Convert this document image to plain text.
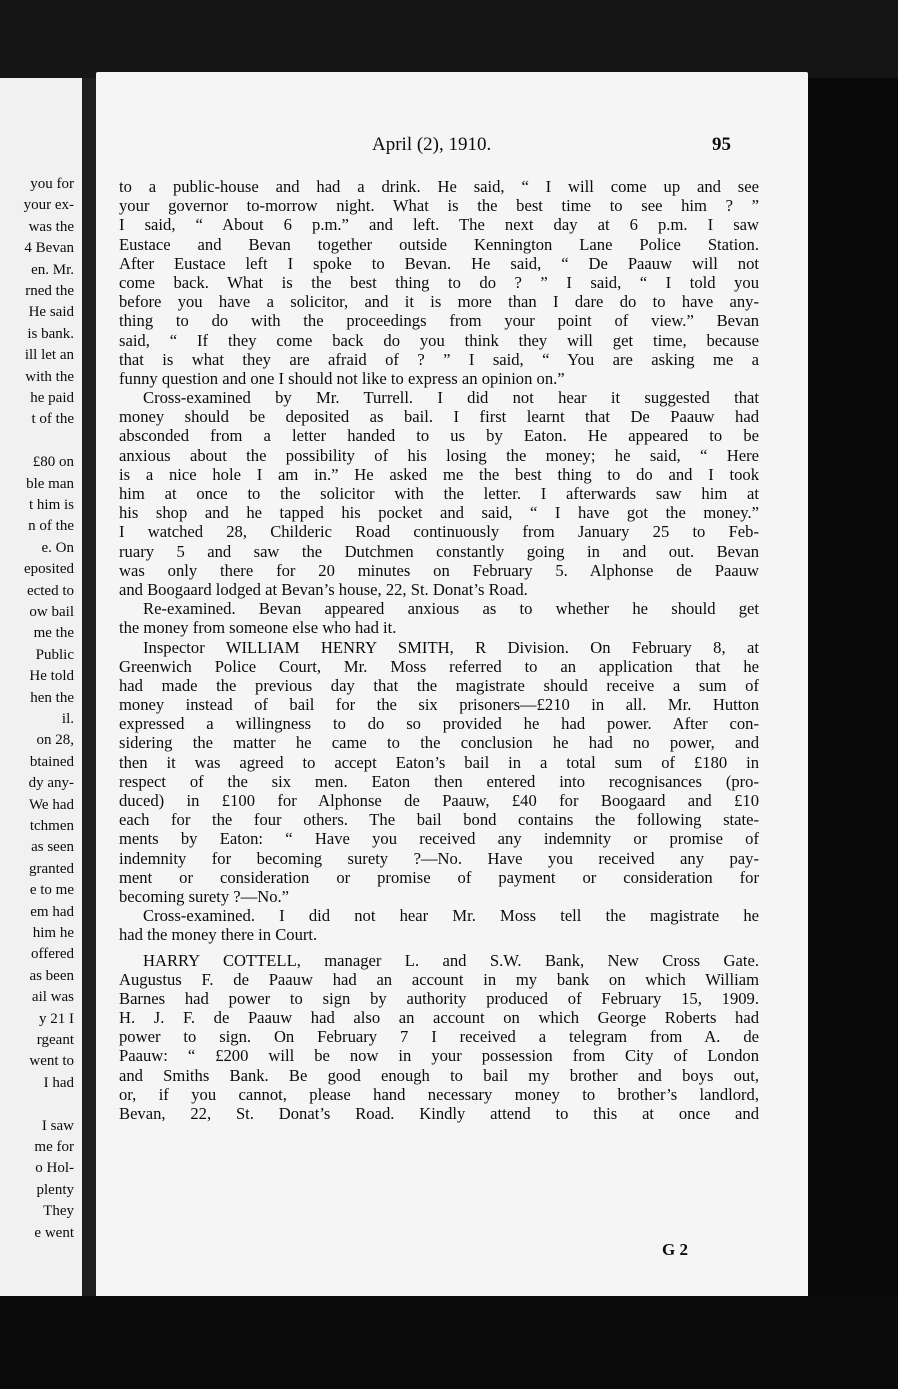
you for
your ex-
was the
4 Bevan
en. Mr.
rned the
He said
is bank.
ill let an
with the
he paid
t of the
£80 on
ble man
t him is
n of the
e. On
eposited
ected to
ow bail
me the
Public
He told
hen the
il.
on 28,
btained
dy any-
We had
tchmen
as seen
granted
e to me
em had
him he
offered
as been
ail was
y 21 I
rgeant
went to
I had
I saw
me for
o Hol-
plenty
They
e went
April (2), 1910.	95
to a public-house and had a drink. He said, “ I will come up and see
your governor to-morrow night. What is the best time to see him ? ”
I said, “ About 6 p.m.” and left. The next day at 6 p.m. I saw
Eustace and Bevan together outside Kennington Lane Police Station.
After Eustace left I spoke to Bevan. He said, “ De Paauw will not
come back. What is the best thing to do ? ” I said, “ I told you
before you have a solicitor, and it is more than I dare do to have any-
thing to do with the proceedings from your point of view.” Bevan
said, “ If they come back do you think they will get time, because
that is what they are afraid of ? ” I said, “ You are asking me a
funny question and one I should not like to express an opinion on.”
Cross-examined by Mr. Turrell. I did not hear it suggested that
money should be deposited as bail. I first learnt that De Paauw had
absconded from a letter handed to us by Eaton. He appeared to be
anxious about the possibility of his losing the money; he said, “ Here
is a nice hole I am in.” He asked me the best thing to do and I took
him at once to the solicitor with the letter. I afterwards saw him at
his shop and he tapped his pocket and said, “ I have got the money.”
I watched 28, Childeric Road continuously from January 25 to Feb-
ruary 5 and saw the Dutchmen constantly going in and out. Bevan
was only there for 20 minutes on February 5. Alphonse de Paauw
and Boogaard lodged at Bevan’s house, 22, St. Donat’s Road.
Re-examined. Bevan appeared anxious as to whether he should get
the money from someone else who had it.
Inspector WILLIAM HENRY SMITH, R Division. On February 8, at
Greenwich Police Court, Mr. Moss referred to an application that he
had made the previous day that the magistrate should receive a sum of
money instead of bail for the six prisoners—£210 in all. Mr. Hutton
expressed a willingness to do so provided he had power. After con-
sidering the matter he came to the conclusion he had no power, and
then it was agreed to accept Eaton’s bail in a total sum of £180 in
respect of the six men. Eaton then entered into recognisances (pro-
duced) in £100 for Alphonse de Paauw, £40 for Boogaard and £10
each for the four others. The bail bond contains the following state-
ments by Eaton: “ Have you received any indemnity or promise of
indemnity for becoming surety ?—No. Have you received any pay-
ment or consideration or promise of payment or consideration for
becoming surety ?—No.”
Cross-examined. I did not hear Mr. Moss tell the magistrate he
had the money there in Court.
HARRY COTTELL, manager L. and S.W. Bank, New Cross Gate.
Augustus F. de Paauw had an account in my bank on which William
Barnes had power to sign by authority produced of February 15, 1909.
H. J. F. de Paauw had also an account on which George Roberts had
power to sign. On February 7 I received a telegram from A. de
Paauw: “ £200 will be now in your possession from City of London
and Smiths Bank. Be good enough to bail my brother and boys out,
or, if you cannot, please hand necessary money to brother’s landlord,
Bevan, 22, St. Donat’s Road. Kindly attend to this at once and
G 2
